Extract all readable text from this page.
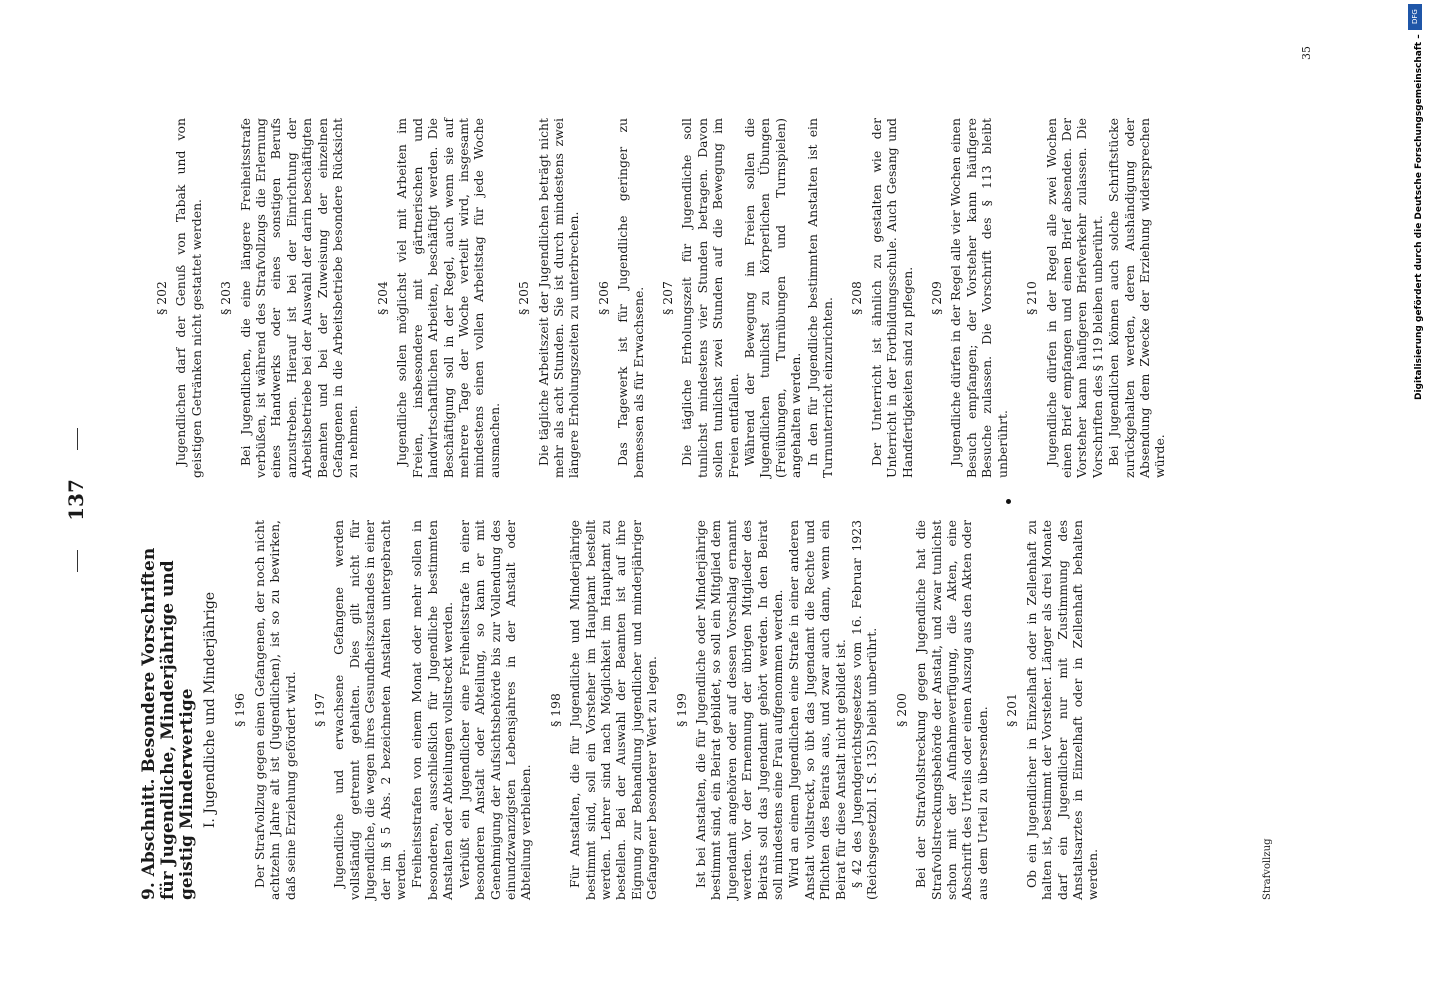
137
9. Abschnitt. Besondere Vorschriften für Jugendliche, Minderjährige und geistig Minderwertige I. Jugendliche und Minderjährige § 196 Der Strafvollzug gegen einen Gefangenen, der noch nicht achtzehn Jahre alt ist (Jugendlichen), ist so zu bewirken, daß seine Erziehung gefördert wird. § 197 Jugendliche und erwachsene Gefangene werden vollständig getrennt gehalten. Dies gilt nicht für Jugendliche, die wegen ihres Gesundheitszustandes in einer der im § 5 Abs. 2 bezeichneten Anstalten untergebracht werden. Freiheitsstrafen von einem Monat oder mehr sollen in besonderen, ausschließlich für Jugendliche bestimmten Anstalten oder Abteilungen vollstreckt werden. Verbüßt ein Jugendlicher eine Freiheitsstrafe in einer besonderen Anstalt oder Abteilung, so kann er mit Genehmigung der Aufsichtsbehörde bis zur Vollendung des einundzwanzigsten Lebensjahres in der Anstalt oder Abteilung verbleiben.

§ 198 Für Anstalten, die für Jugendliche und Minderjährige bestimmt sind, soll ein Vorsteher im Hauptamt bestellt werden. Lehrer sind nach Möglichkeit im Hauptamt zu bestellen. Bei der Auswahl der Beamten ist auf ihre Eignung zur Behandlung jugendlicher und minderjähriger Gefangener besonderer Wert zu legen. § 199 Ist bei Anstalten, die für Jugendliche oder Minderjährige bestimmt sind, ein Beirat gebildet, so soll ein Mitglied dem Jugendamt angehören oder auf dessen Vorschlag ernannt werden. Vor der Ernennung der übrigen Mitglieder des Beirats soll das Jugendamt gehört werden. In den Beirat soll mindestens eine Frau aufgenommen werden. Wird an einem Jugendlichen eine Strafe in einer anderen Anstalt vollstreckt, so übt das Jugendamt die Rechte und Pflichten des Beirats aus, und zwar auch dann, wenn ein Beirat für diese Anstalt nicht gebildet ist. § 42 des Jugendgerichtsgesetzes vom 16. Februar 1923 (Reichsgesetzbl. I S. 135) bleibt unberührt. § 200 Bei der Strafvollstreckung gegen Jugendliche hat die Strafvollstreckungsbehörde der Anstalt, und zwar tunlichst schon mit der Aufnahmeverfügung, die Akten, eine Abschrift des Urteils oder einen Auszug aus den Akten oder aus dem Urteil zu übersenden. § 201 Ob ein Jugendlicher in Einzelhaft oder in Zellenhaft zu halten ist, bestimmt der Vorsteher. Länger als drei Monate darf ein Jugendlicher nur mit Zustimmung des Anstaltsarztes in Einzelhaft oder in Zellenhaft behalten werden.

§ 202 Jugendlichen darf der Genuß von Tabak und von geistigen Getränken nicht gestattet werden. § 203 Bei Jugendlichen, die eine längere Freiheitsstrafe verbüßen, ist während des Strafvollzugs die Erlernung eines Handwerks oder eines sonstigen Berufs anzustreben. Hierauf ist bei der Einrichtung der Arbeitsbetriebe bei der Auswahl der darin beschäftigten Beamten und bei der Zuweisung der einzelnen Gefangenen in die Arbeitsbetriebe besondere Rücksicht zu nehmen.

§ 204 Jugendliche sollen möglichst viel mit Arbeiten im Freien, insbesondere mit gärtnerischen und landwirtschaftlichen Arbeiten, beschäftigt werden. Die Beschäftigung soll in der Regel, auch wenn sie auf mehrere Tage der Woche verteilt wird, insgesamt mindestens einen vollen Arbeitstag für jede Woche ausmachen.

§ 205 Die tägliche Arbeitszeit der Jugendlichen beträgt nicht mehr als acht Stunden. Sie ist durch mindestens zwei längere Erholungszeiten zu unterbrechen. § 206 Das Tagewerk ist für Jugendliche geringer zu bemessen als für Erwachsene. § 207 Die tägliche Erholungszeit für Jugendliche soll tunlichst mindestens vier Stunden betragen. Davon sollen tunlichst zwei Stunden auf die Bewegung im Freien entfallen. Während der Bewegung im Freien sollen die Jugendlichen tunlichst zu körperlichen Übungen (Freiübungen, Turnübungen und Turnspielen) angehalten werden. In den für Jugendliche bestimmten Anstalten ist ein Turnunterricht einzurichten. § 208 Der Unterricht ist ähnlich zu gestalten wie der Unterricht in der Fortbildungsschule. Auch Gesang und Handfertigkeiten sind zu pflegen. § 209 Jugendliche dürfen in der Regel alle vier Wochen einen Besuch empfangen; der Vorsteher kann häufigere Besuche zulassen. Die Vorschrift des § 113 bleibt unberührt.

§ 210 Jugendliche dürfen in der Regel alle zwei Wochen einen Brief empfangen und einen Brief absenden. Der Vorsteher kann häufigeren Briefverkehr zulassen. Die Vorschriften des § 119 bleiben unberührt. Bei Jugendlichen können auch solche Schriftstücke zurückgehalten werden, deren Aushändigung oder Absendung dem Zwecke der Erziehung widersprechen würde.

Strafvollzug
35
DFG
Digitalisierung gefördert durch die Deutsche Forschungsgemeinschaft –
